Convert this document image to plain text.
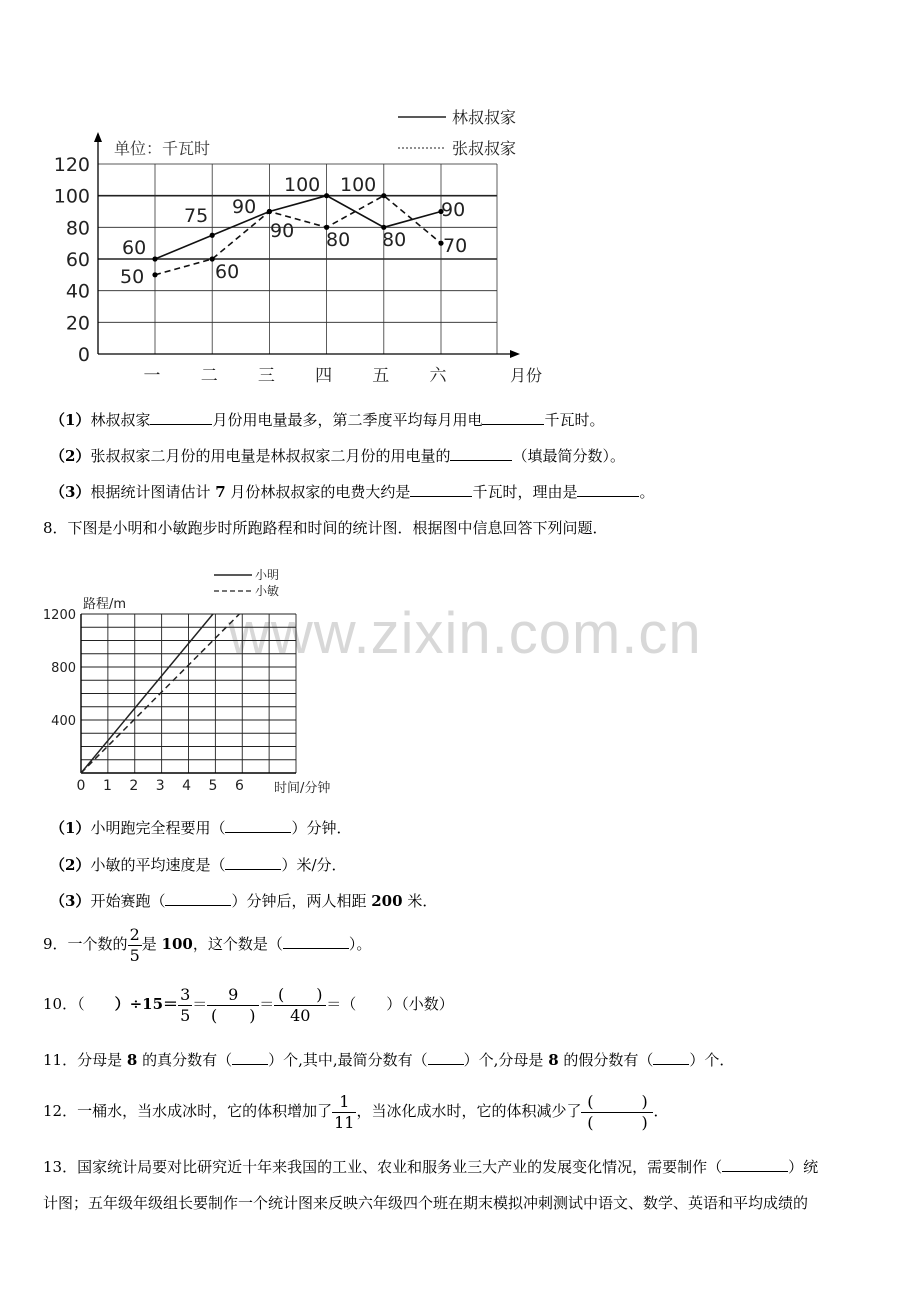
www.zixin.com.cn
0
20
40
60
80
100
120
一 二 三 四 五 六	月份
单位：千瓦时
林叔叔家
张叔叔家
60
75 90
100 100
90
50	60
90 80 80 70
（1）林叔叔家	月份用电量最多，第二季度平均每月用电	千瓦时。
（2）张叔叔家二月份的用电量是林叔叔家二月份的用电量的	（填最简分数）。
（3）根据统计图请估计 7 月份林叔叔家的电费大约是	千瓦时，理由是	。
8．下图是小明和小敏跑步时所跑路程和时间的统计图．根据图中信息回答下列问题．
400
800
1200
0 1 2 3 4 5 6
路程/m
时间/分钟
小明
小敏
（1）小明跑完全程要用（	）分钟．
（2）小敏的平均速度是（	）米/分．
（3）开始赛跑（	）分钟后，两人相距 200 米．
9．一个数的 $\frac{2}{5}$ 是 100，这个数是（	）。
10．（ ）$\div 15= \frac{3}{5} = \frac{9}{( )} = \frac{( )}{40}$ ＝（　　）（小数）
11．分母是 8 的真分数有（ ）个,其中,最简分数有（ ）个,分母是 8 的假分数有（ ）个．
12．一桶水，当水成冰时，它的体积增加了 $\frac{1}{11}$ ，当冰化成水时，它的体积减少了 $\frac{( )}{( )}$ ．
13．国家统计局要对比研究近十年来我国的工业、农业和服务业三大产业的发展变化情况，需要制作（	）统
计图；五年级年级组长要制作一个统计图来反映六年级四个班在期末模拟冲刺测试中语文、数学、英语和平均成绩的
